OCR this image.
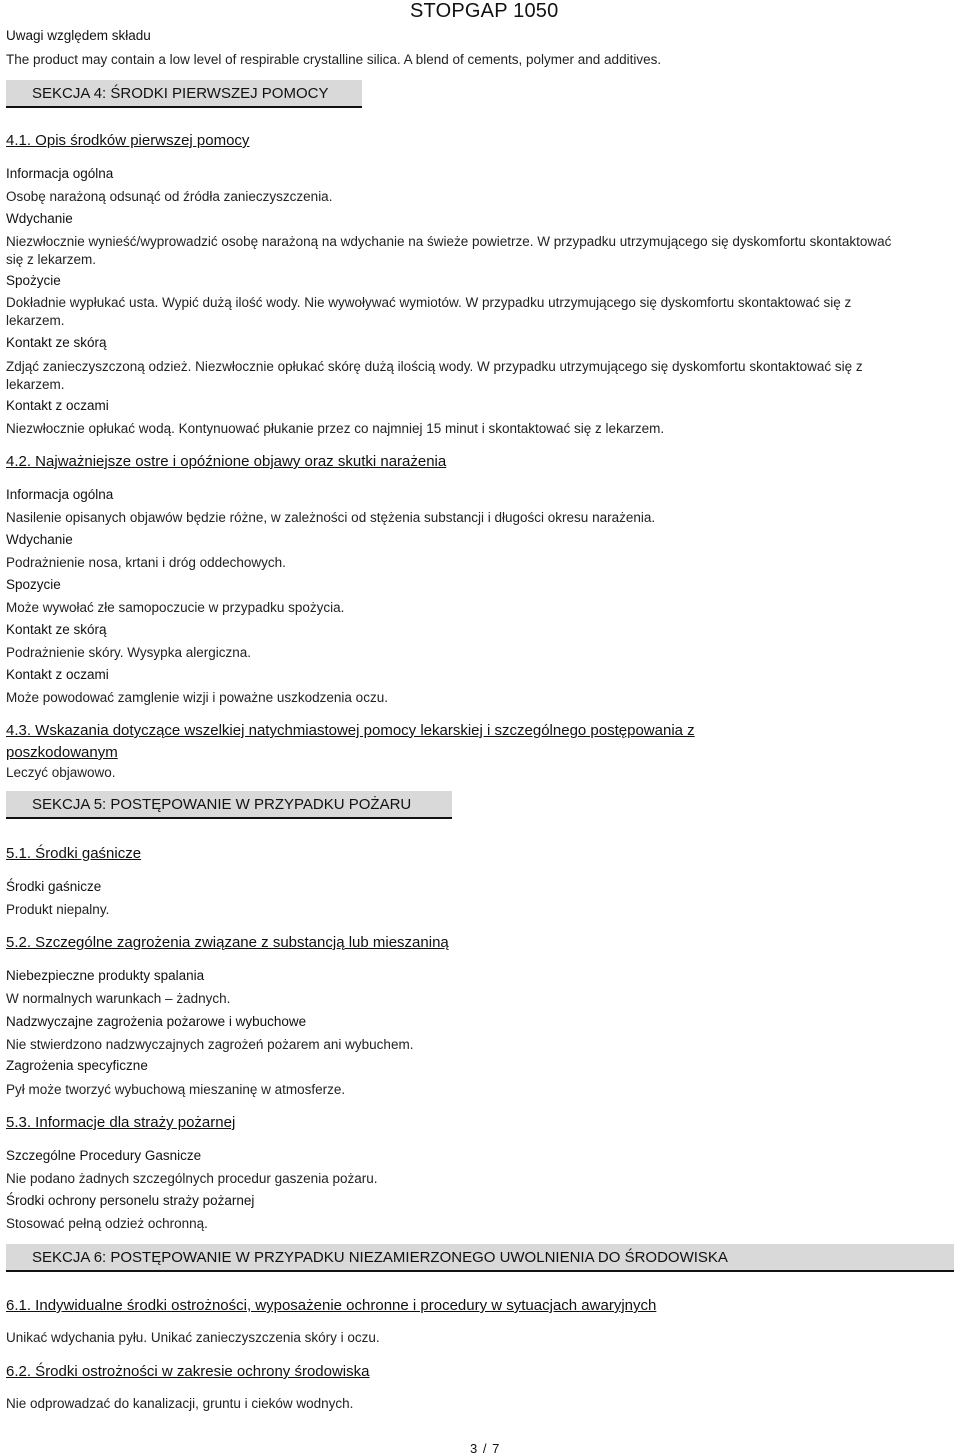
STOPGAP 1050
Uwagi względem składu
The product may contain a low level of respirable crystalline silica. A blend of cements, polymer and additives.
SEKCJA 4: ŚRODKI PIERWSZEJ POMOCY
4.1. Opis środków pierwszej pomocy
Informacja ogólna
Osobę narażoną odsunąć od źródła zanieczyszczenia.
Wdychanie
Niezwłocznie wynieść/wyprowadzić osobę narażoną na wdychanie na świeże powietrze. W przypadku utrzymującego się dyskomfortu skontaktować się z lekarzem.
Spożycie
Dokładnie wypłukać usta. Wypić dużą ilość wody. Nie wywoływać wymiotów. W przypadku utrzymującego się dyskomfortu skontaktować się z lekarzem.
Kontakt ze skórą
Zdjąć zanieczyszczoną odzież. Niezwłocznie opłukać skórę dużą ilością wody. W przypadku utrzymującego się dyskomfortu skontaktować się z lekarzem.
Kontakt z oczami
Niezwłocznie opłukać wodą. Kontynuować płukanie przez co najmniej 15 minut i skontaktować się z lekarzem.
4.2. Najważniejsze ostre i opóźnione objawy oraz skutki narażenia
Informacja ogólna
Nasilenie opisanych objawów będzie różne, w zależności od stężenia substancji i długości okresu narażenia.
Wdychanie
Podrażnienie nosa, krtani i dróg oddechowych.
Spozycie
Może wywołać złe samopoczucie w przypadku spożycia.
Kontakt ze skórą
Podrażnienie skóry. Wysypka alergiczna.
Kontakt z oczami
Może powodować zamglenie wizji i poważne uszkodzenia oczu.
4.3. Wskazania dotyczące wszelkiej natychmiastowej pomocy lekarskiej i szczególnego postępowania z
poszkodowanym
Leczyć objawowo.
SEKCJA 5: POSTĘPOWANIE W PRZYPADKU POŻARU
5.1. Środki gaśnicze
Środki gaśnicze
Produkt niepalny.
5.2. Szczególne zagrożenia związane z substancją lub mieszaniną
Niebezpieczne produkty spalania
W normalnych warunkach – żadnych.
Nadzwyczajne zagrożenia pożarowe i wybuchowe
Nie stwierdzono nadzwyczajnych zagrożeń pożarem ani wybuchem.
Zagrożenia specyficzne
Pył może tworzyć wybuchową mieszaninę w atmosferze.
5.3. Informacje dla straży pożarnej
Szczególne Procedury Gasnicze
Nie podano żadnych szczególnych procedur gaszenia pożaru.
Środki ochrony personelu straży pożarnej
Stosować pełną odzież ochronną.
SEKCJA 6: POSTĘPOWANIE W PRZYPADKU NIEZAMIERZONEGO UWOLNIENIA DO ŚRODOWISKA
6.1. Indywidualne środki ostrożności, wyposażenie ochronne i procedury w sytuacjach awaryjnych
Unikać wdychania pyłu. Unikać zanieczyszczenia skóry i oczu.
6.2. Środki ostrożności w zakresie ochrony środowiska
Nie odprowadzać do kanalizacji, gruntu i cieków wodnych.
3 / 7
